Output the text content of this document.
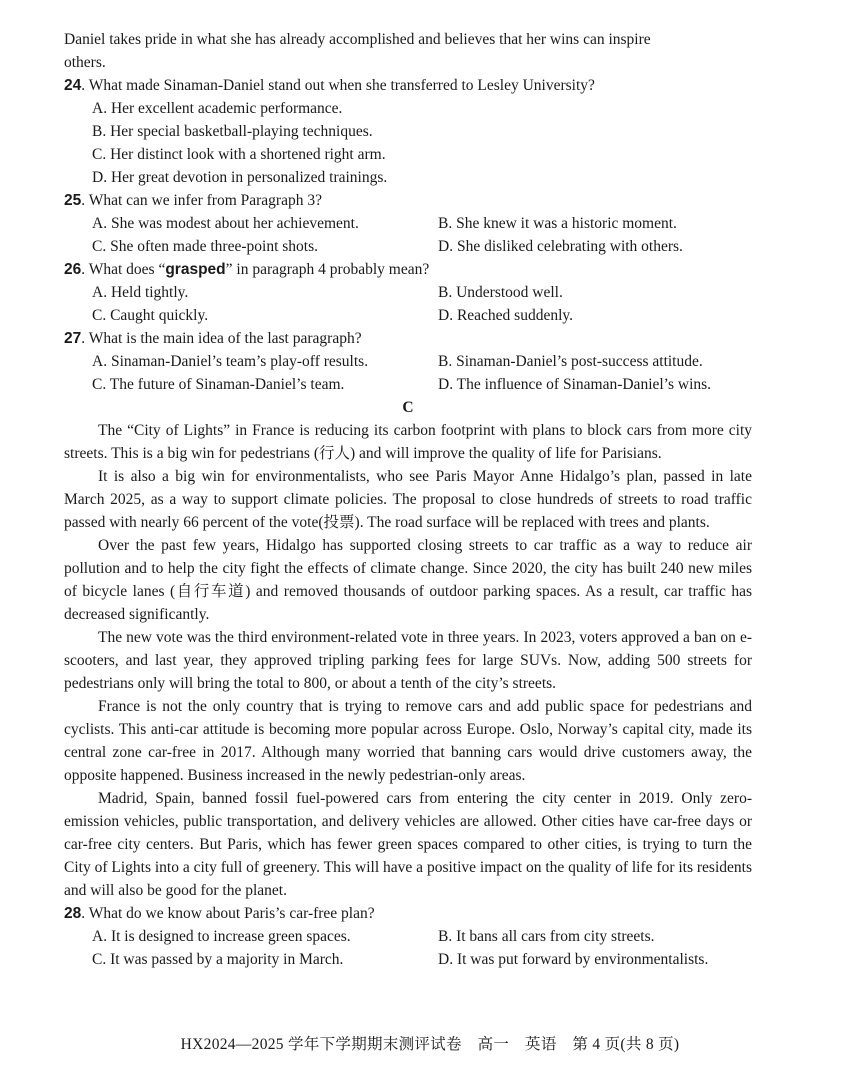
Daniel takes pride in what she has already accomplished and believes that her wins can inspire

others.

24. What made Sinaman-Daniel stand out when she transferred to Lesley University?

A. Her excellent academic performance.

B. Her special basketball-playing techniques.

C. Her distinct look with a shortened right arm.

D. Her great devotion in personalized trainings.

25. What can we infer from Paragraph 3?

A. She was modest about her achievement.	B. She knew it was a historic moment.
C. She often made three-point shots.	D. She disliked celebrating with others.

26. What does “grasped” in paragraph 4 probably mean?

A. Held tightly.	B. Understood well.
C. Caught quickly.	D. Reached suddenly.

27. What is the main idea of the last paragraph?

A. Sinaman-Daniel’s team’s play-off results.	B. Sinaman-Daniel’s post-success attitude.
C. The future of Sinaman-Daniel’s team.	D. The influence of Sinaman-Daniel’s wins.

C

The “City of Lights” in France is reducing its carbon footprint with plans to block cars from more city streets. This is a big win for pedestrians (行人) and will improve the quality of life for Parisians.

It is also a big win for environmentalists, who see Paris Mayor Anne Hidalgo’s plan, passed in late March 2025, as a way to support climate policies. The proposal to close hundreds of streets to road traffic passed with nearly 66 percent of the vote(投票). The road surface will be replaced with trees and plants.

Over the past few years, Hidalgo has supported closing streets to car traffic as a way to reduce air pollution and to help the city fight the effects of climate change. Since 2020, the city has built 240 new miles of bicycle lanes (自行车道) and removed thousands of outdoor parking spaces. As a result, car traffic has decreased significantly.

The new vote was the third environment-related vote in three years. In 2023, voters approved a ban on e-scooters, and last year, they approved tripling parking fees for large SUVs. Now, adding 500 streets for pedestrians only will bring the total to 800, or about a tenth of the city’s streets.

France is not the only country that is trying to remove cars and add public space for pedestrians and cyclists. This anti-car attitude is becoming more popular across Europe. Oslo, Norway’s capital city, made its central zone car-free in 2017. Although many worried that banning cars would drive customers away, the opposite happened. Business increased in the newly pedestrian-only areas.

Madrid, Spain, banned fossil fuel-powered cars from entering the city center in 2019. Only zero-emission vehicles, public transportation, and delivery vehicles are allowed. Other cities have car-free days or car-free city centers. But Paris, which has fewer green spaces compared to other cities, is trying to turn the City of Lights into a city full of greenery. This will have a positive impact on the quality of life for its residents and will also be good for the planet.

28. What do we know about Paris’s car-free plan?

A. It is designed to increase green spaces.	B. It bans all cars from city streets.
C. It was passed by a majority in March.	D. It was put forward by environmentalists.
HX2024—2025 学年下学期期末测评试卷　高一　英语　第 4 页(共 8 页)
